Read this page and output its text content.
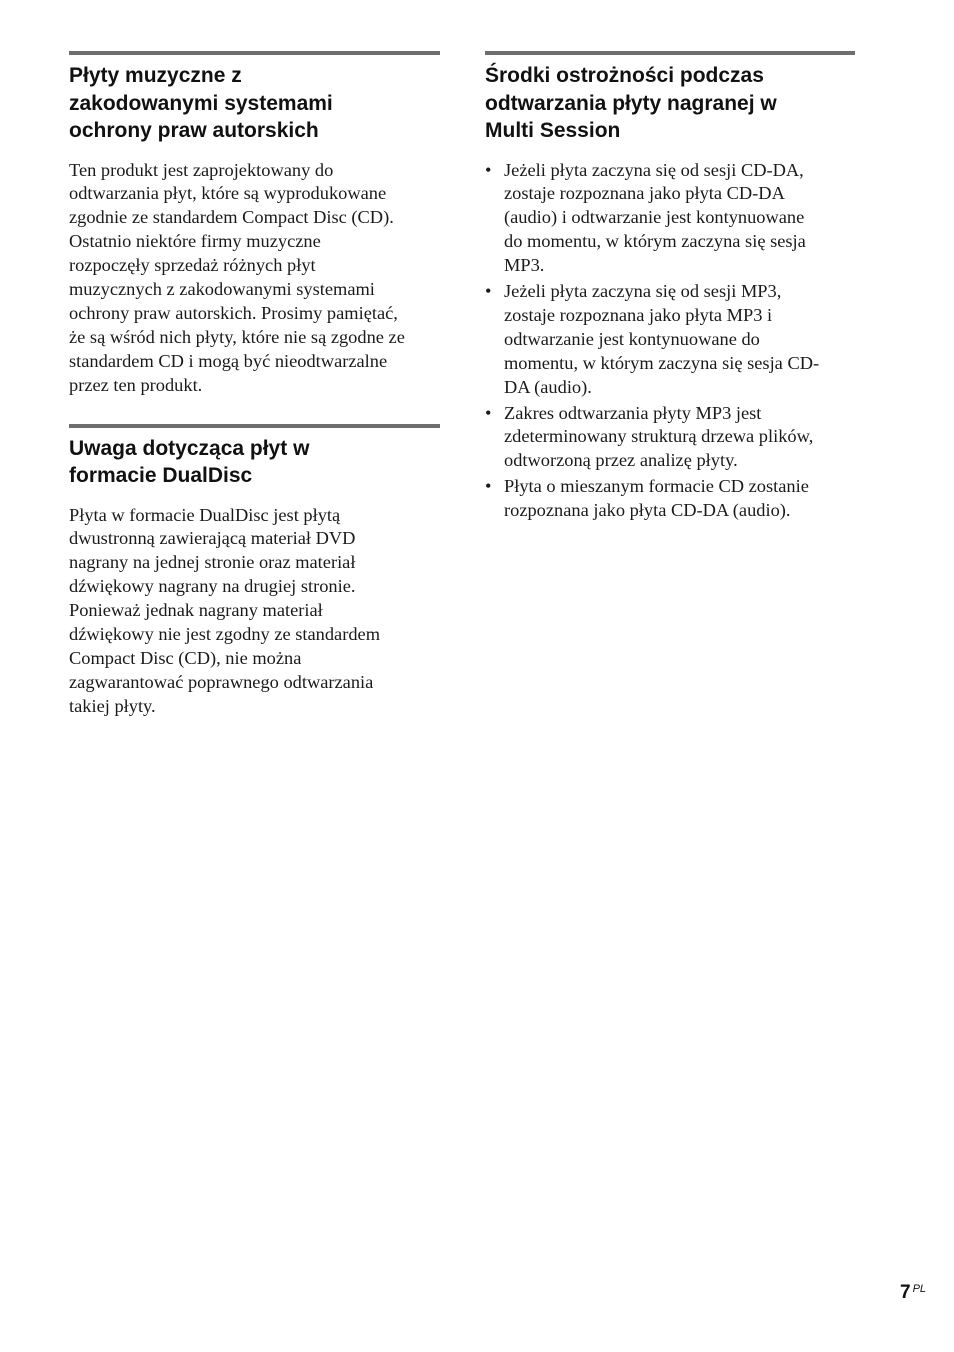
Płyty muzyczne z
zakodowanymi systemami
ochrony praw autorskich

Ten produkt jest zaprojektowany do
odtwarzania płyt, które są wyprodukowane
zgodnie ze standardem Compact Disc (CD).
Ostatnio niektóre firmy muzyczne
rozpoczęły sprzedaż różnych płyt
muzycznych z zakodowanymi systemami
ochrony praw autorskich. Prosimy pamiętać,
że są wśród nich płyty, które nie są zgodne ze
standardem CD i mogą być nieodtwarzalne
przez ten produkt.

Uwaga dotycząca płyt w
formacie DualDisc

Płyta w formacie DualDisc jest płytą
dwustronną zawierającą materiał DVD
nagrany na jednej stronie oraz materiał
dźwiękowy nagrany na drugiej stronie.
Ponieważ jednak nagrany materiał
dźwiękowy nie jest zgodny ze standardem
Compact Disc (CD), nie można
zagwarantować poprawnego odtwarzania
takiej płyty.

Środki ostrożności podczas
odtwarzania płyty nagranej w
Multi Session
• Jeżeli płyta zaczyna się od sesji CD-DA,
zostaje rozpoznana jako płyta CD-DA
(audio) i odtwarzanie jest kontynuowane
do momentu, w którym zaczyna się sesja
MP3.
• Jeżeli płyta zaczyna się od sesji MP3,
zostaje rozpoznana jako płyta MP3 i
odtwarzanie jest kontynuowane do
momentu, w którym zaczyna się sesja CD-
DA (audio).
• Zakres odtwarzania płyty MP3 jest
zdeterminowany strukturą drzewa plików,
odtworzoną przez analizę płyty.
• Płyta o mieszanym formacie CD zostanie
rozpoznana jako płyta CD-DA (audio).
7 $^{PL}$
